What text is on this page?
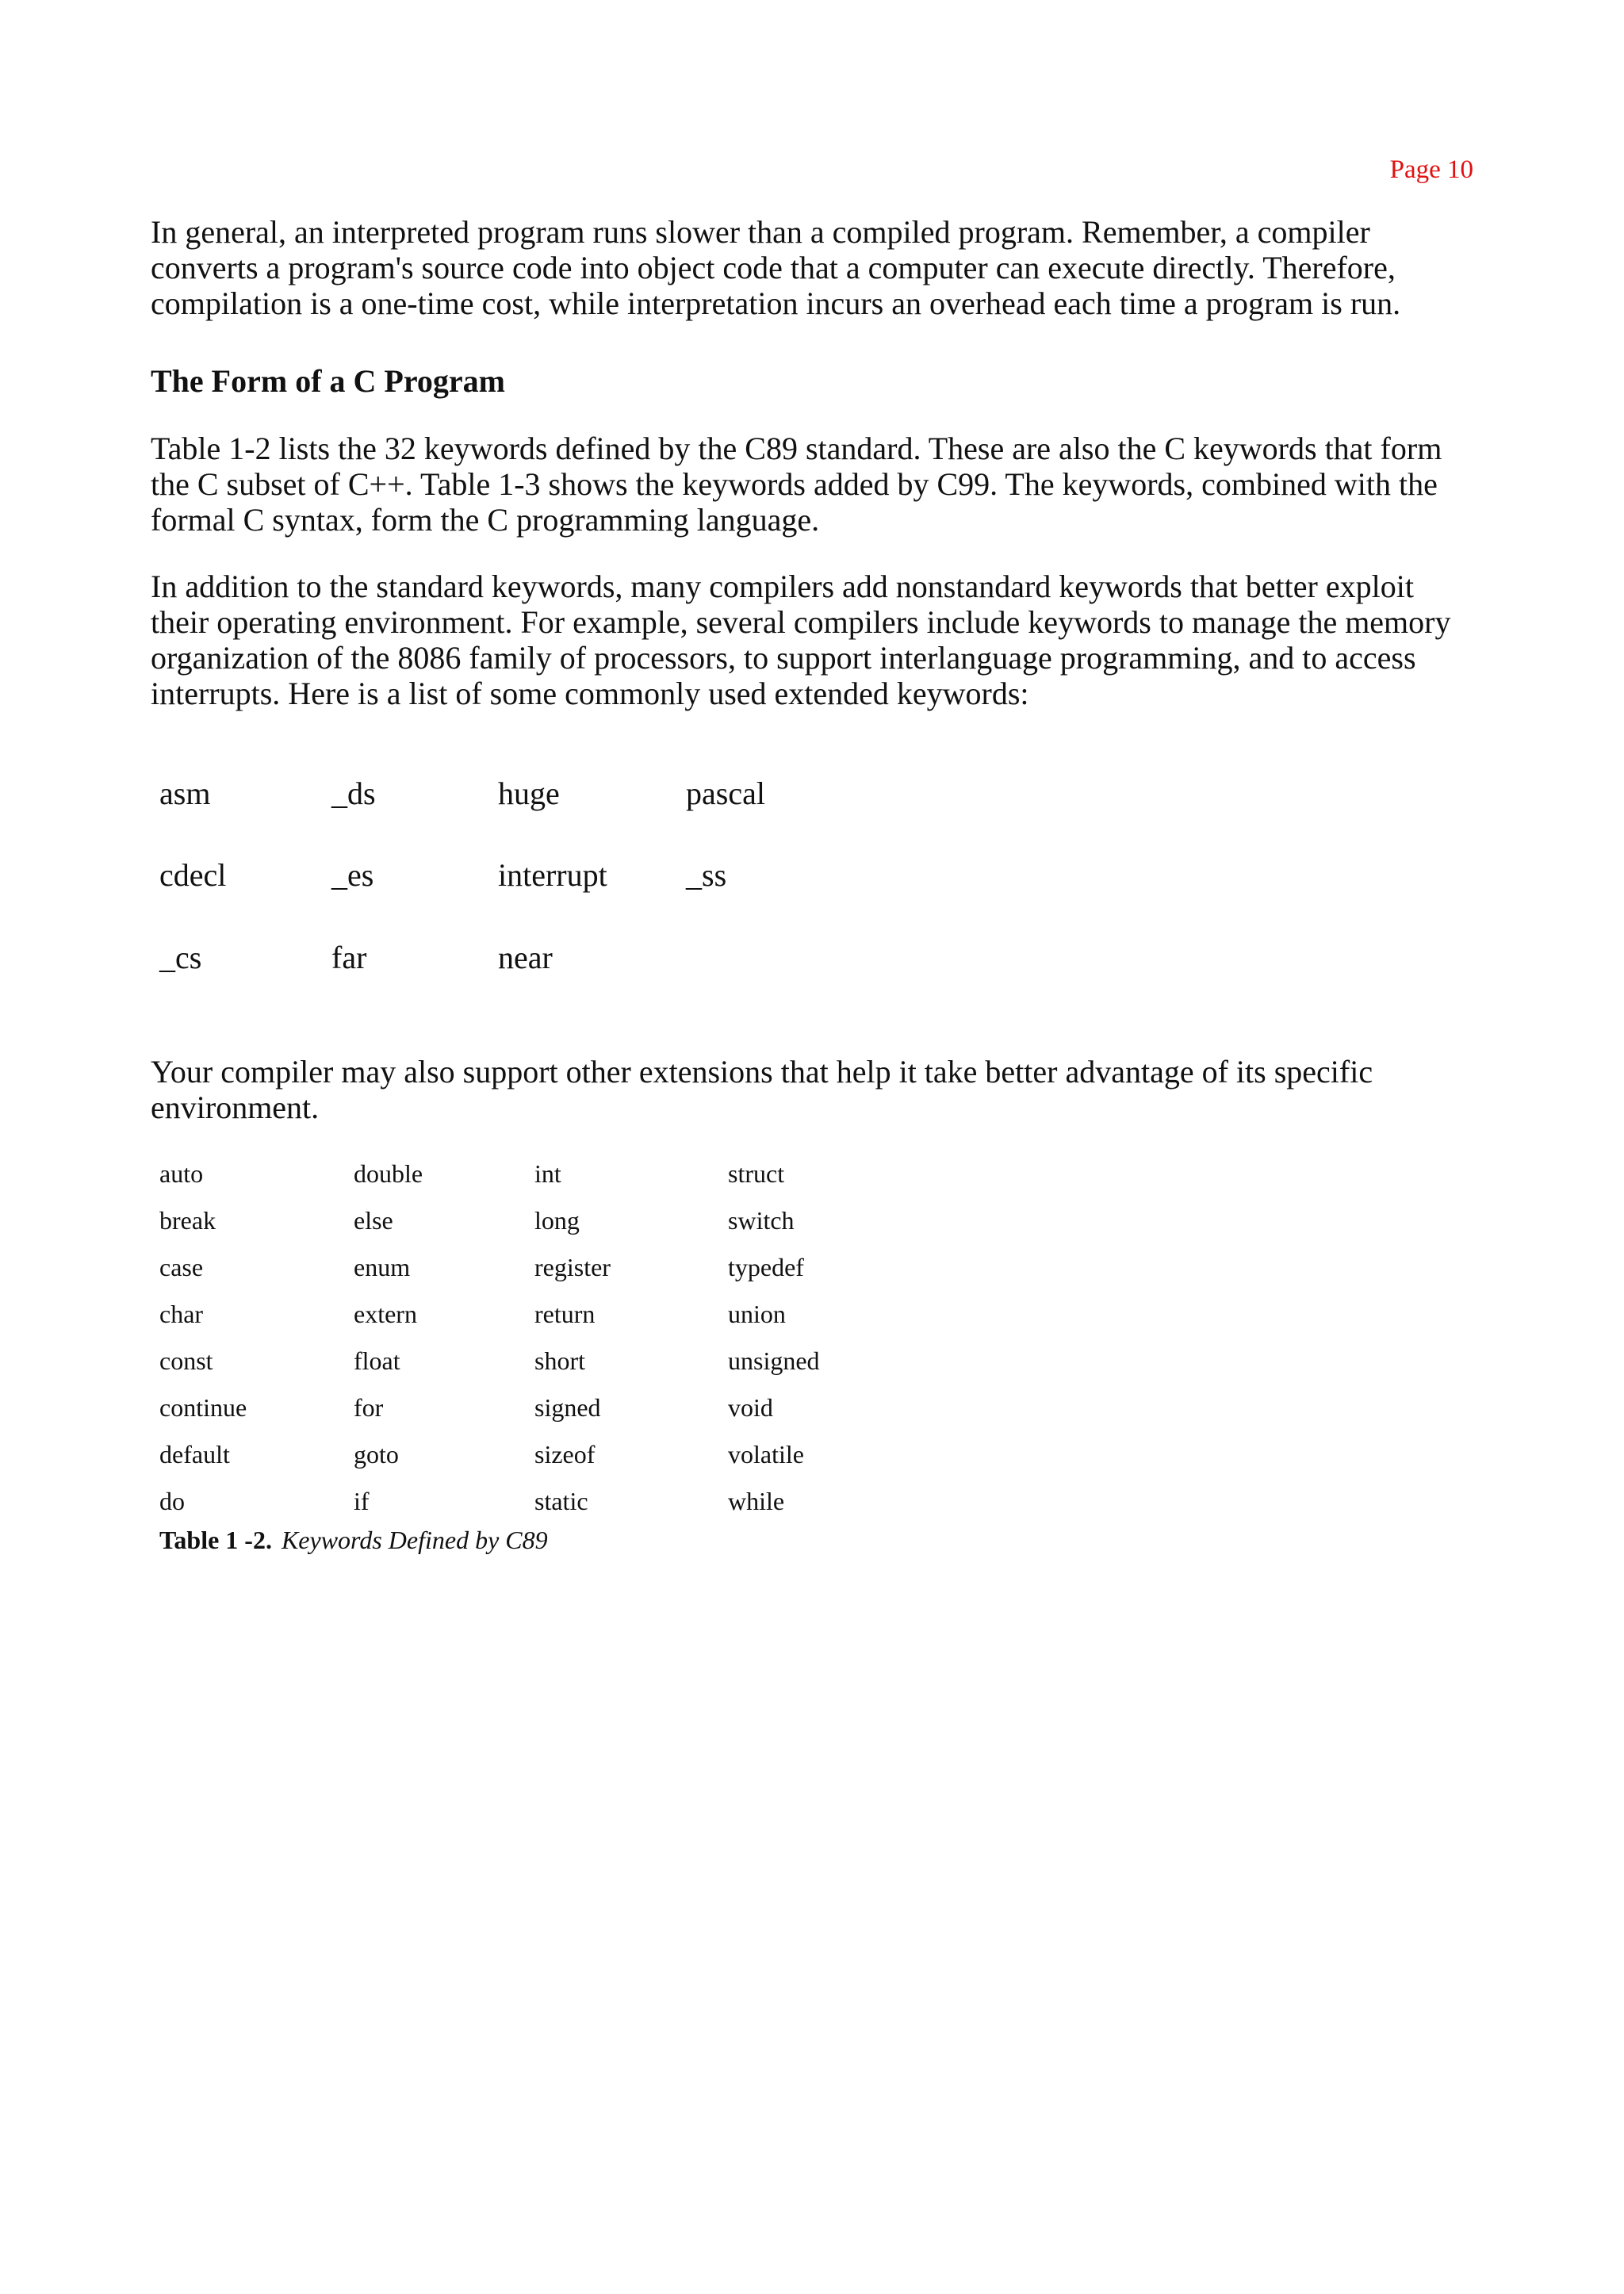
Page 10

In general, an interpreted program runs slower than a compiled program. Remember, a compiler converts a program's source code into object code that a computer can execute directly. Therefore, compilation is a one-time cost, while interpretation incurs an overhead each time a program is run.

The Form of a C Program

Table 1-2 lists the 32 keywords defined by the C89 standard. These are also the C keywords that form the C subset of C++. Table 1-3 shows the keywords added by C99. The keywords, combined with the formal C syntax, form the C programming language.

In addition to the standard keywords, many compilers add nonstandard keywords that better exploit their operating environment. For example, several compilers include keywords to manage the memory organization of the 8086 family of processors, to support interlanguage programming, and to access interrupts. Here is a list of some commonly used extended keywords:

asm	_ds	huge	pascal
cdecl	_es	interrupt _ss
_cs	far	near

Your compiler may also support other extensions that help it take better advantage of its specific environment.

auto	double	int	struct
break	else	long	switch
case	enum	register	typedef
char	extern	return	union
const	float	short	unsigned
continue	for	signed	void
default	goto	sizeof	volatile
do	if	static	while
Table 1 -2. Keywords Defined by C89
